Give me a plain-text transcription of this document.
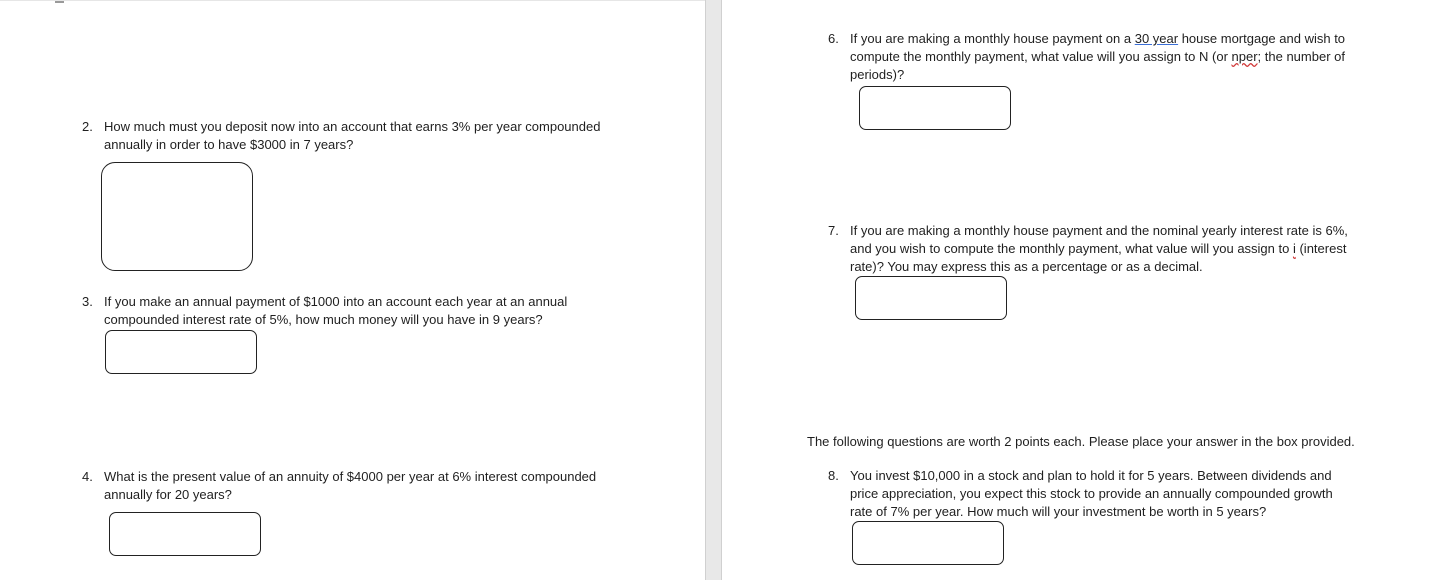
2. How much must you deposit now into an account that earns 3% per year compounded
annually in order to have $3000 in 7 years?
3. If you make an annual payment of $1000 into an account each year at an annual
compounded interest rate of 5%, how much money will you have in 9 years?
4. What is the present value of an annuity of $4000 per year at 6% interest compounded
annually for 20 years?
6. If you are making a monthly house payment on a 30 year house mortgage and wish to
compute the monthly payment, what value will you assign to N (or nper; the number of
periods)?
7. If you are making a monthly house payment and the nominal yearly interest rate is 6%,
and you wish to compute the monthly payment, what value will you assign to i (interest
rate)? You may express this as a percentage or as a decimal.
The following questions are worth 2 points each. Please place your answer in the box provided.
8. You invest $10,000 in a stock and plan to hold it for 5 years. Between dividends and
price appreciation, you expect this stock to provide an annually compounded growth
rate of 7% per year. How much will your investment be worth in 5 years?
